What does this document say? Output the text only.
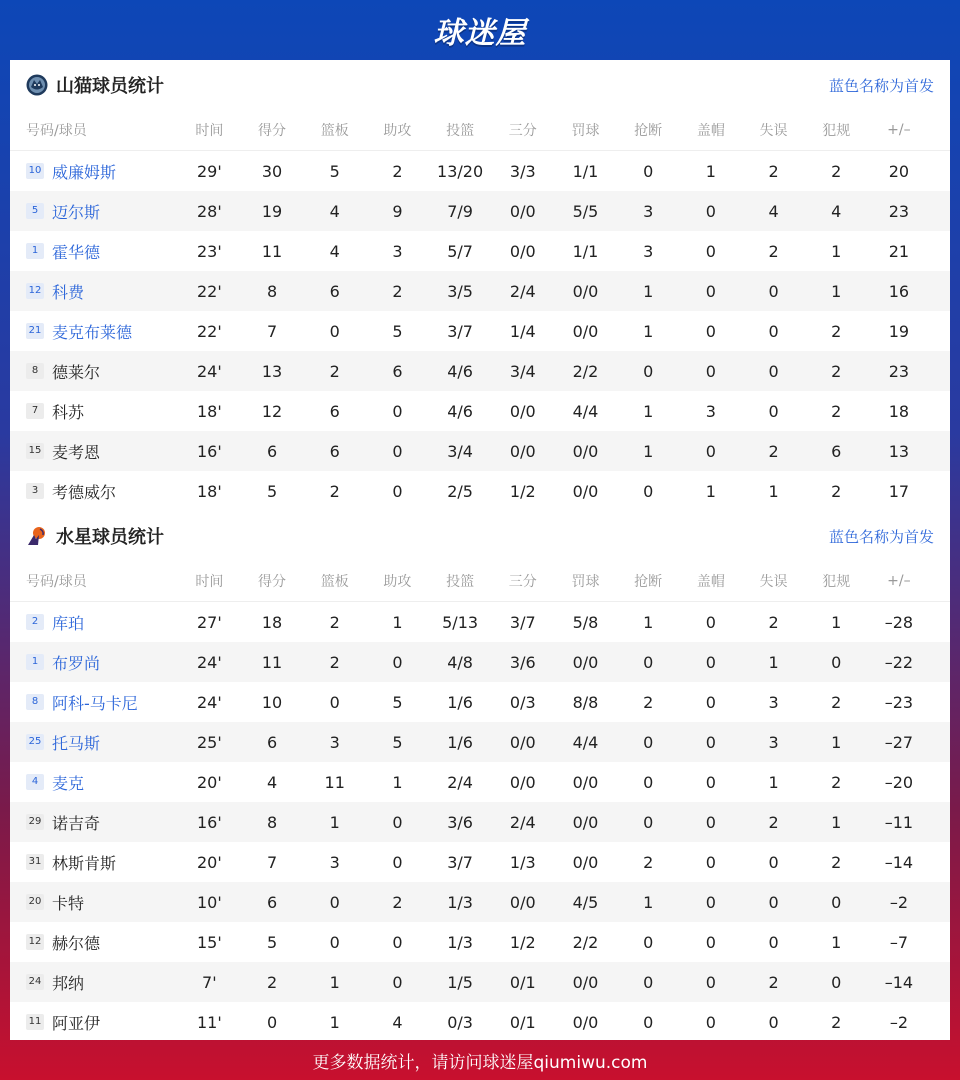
球迷屋
山猫球员统计	蓝色名称为首发
号码/球员	时间	得分	篮板	助攻	投篮	三分	罚球	抢断	盖帽	失误	犯规	+/–
10 威廉姆斯	29'	30	5	2	13/20	3/3	1/1	0	1	2	2	20
5 迈尔斯	28'	19	4	9	7/9	0/0	5/5	3	0	4	4	23
1 霍华德	23'	11	4	3	5/7	0/0	1/1	3	0	2	1	21
12 科费	22'	8	6	2	3/5	2/4	0/0	1	0	0	1	16
21 麦克布莱德	22'	7	0	5	3/7	1/4	0/0	1	0	0	2	19
8 德莱尔	24'	13	2	6	4/6	3/4	2/2	0	0	0	2	23
7 科苏	18'	12	6	0	4/6	0/0	4/4	1	3	0	2	18
15 麦考恩	16'	6	6	0	3/4	0/0	0/0	1	0	2	6	13
3 考德威尔	18'	5	2	0	2/5	1/2	0/0	0	1	1	2	17
水星球员统计	蓝色名称为首发
号码/球员	时间	得分	篮板	助攻	投篮	三分	罚球	抢断	盖帽	失误	犯规	+/–
2 库珀	27'	18	2	1	5/13	3/7	5/8	1	0	2	1	–28
1 布罗尚	24'	11	2	0	4/8	3/6	0/0	0	0	1	0	–22
8 阿科-马卡尼	24'	10	0	5	1/6	0/3	8/8	2	0	3	2	–23
25 托马斯	25'	6	3	5	1/6	0/0	4/4	0	0	3	1	–27
4 麦克	20'	4	11	1	2/4	0/0	0/0	0	0	1	2	–20
29 诺吉奇	16'	8	1	0	3/6	2/4	0/0	0	0	2	1	–11
31 林斯肯斯	20'	7	3	0	3/7	1/3	0/0	2	0	0	2	–14
20 卡特	10'	6	0	2	1/3	0/0	4/5	1	0	0	0	–2
12 赫尔德	15'	5	0	0	1/3	1/2	2/2	0	0	0	1	–7
24 邦纳	7'	2	1	0	1/5	0/1	0/0	0	0	2	0	–14
11 阿亚伊	11'	0	1	4	0/3	0/1	0/0	0	0	0	2	–2
更多数据统计，请访问球迷屋qiumiwu.com
